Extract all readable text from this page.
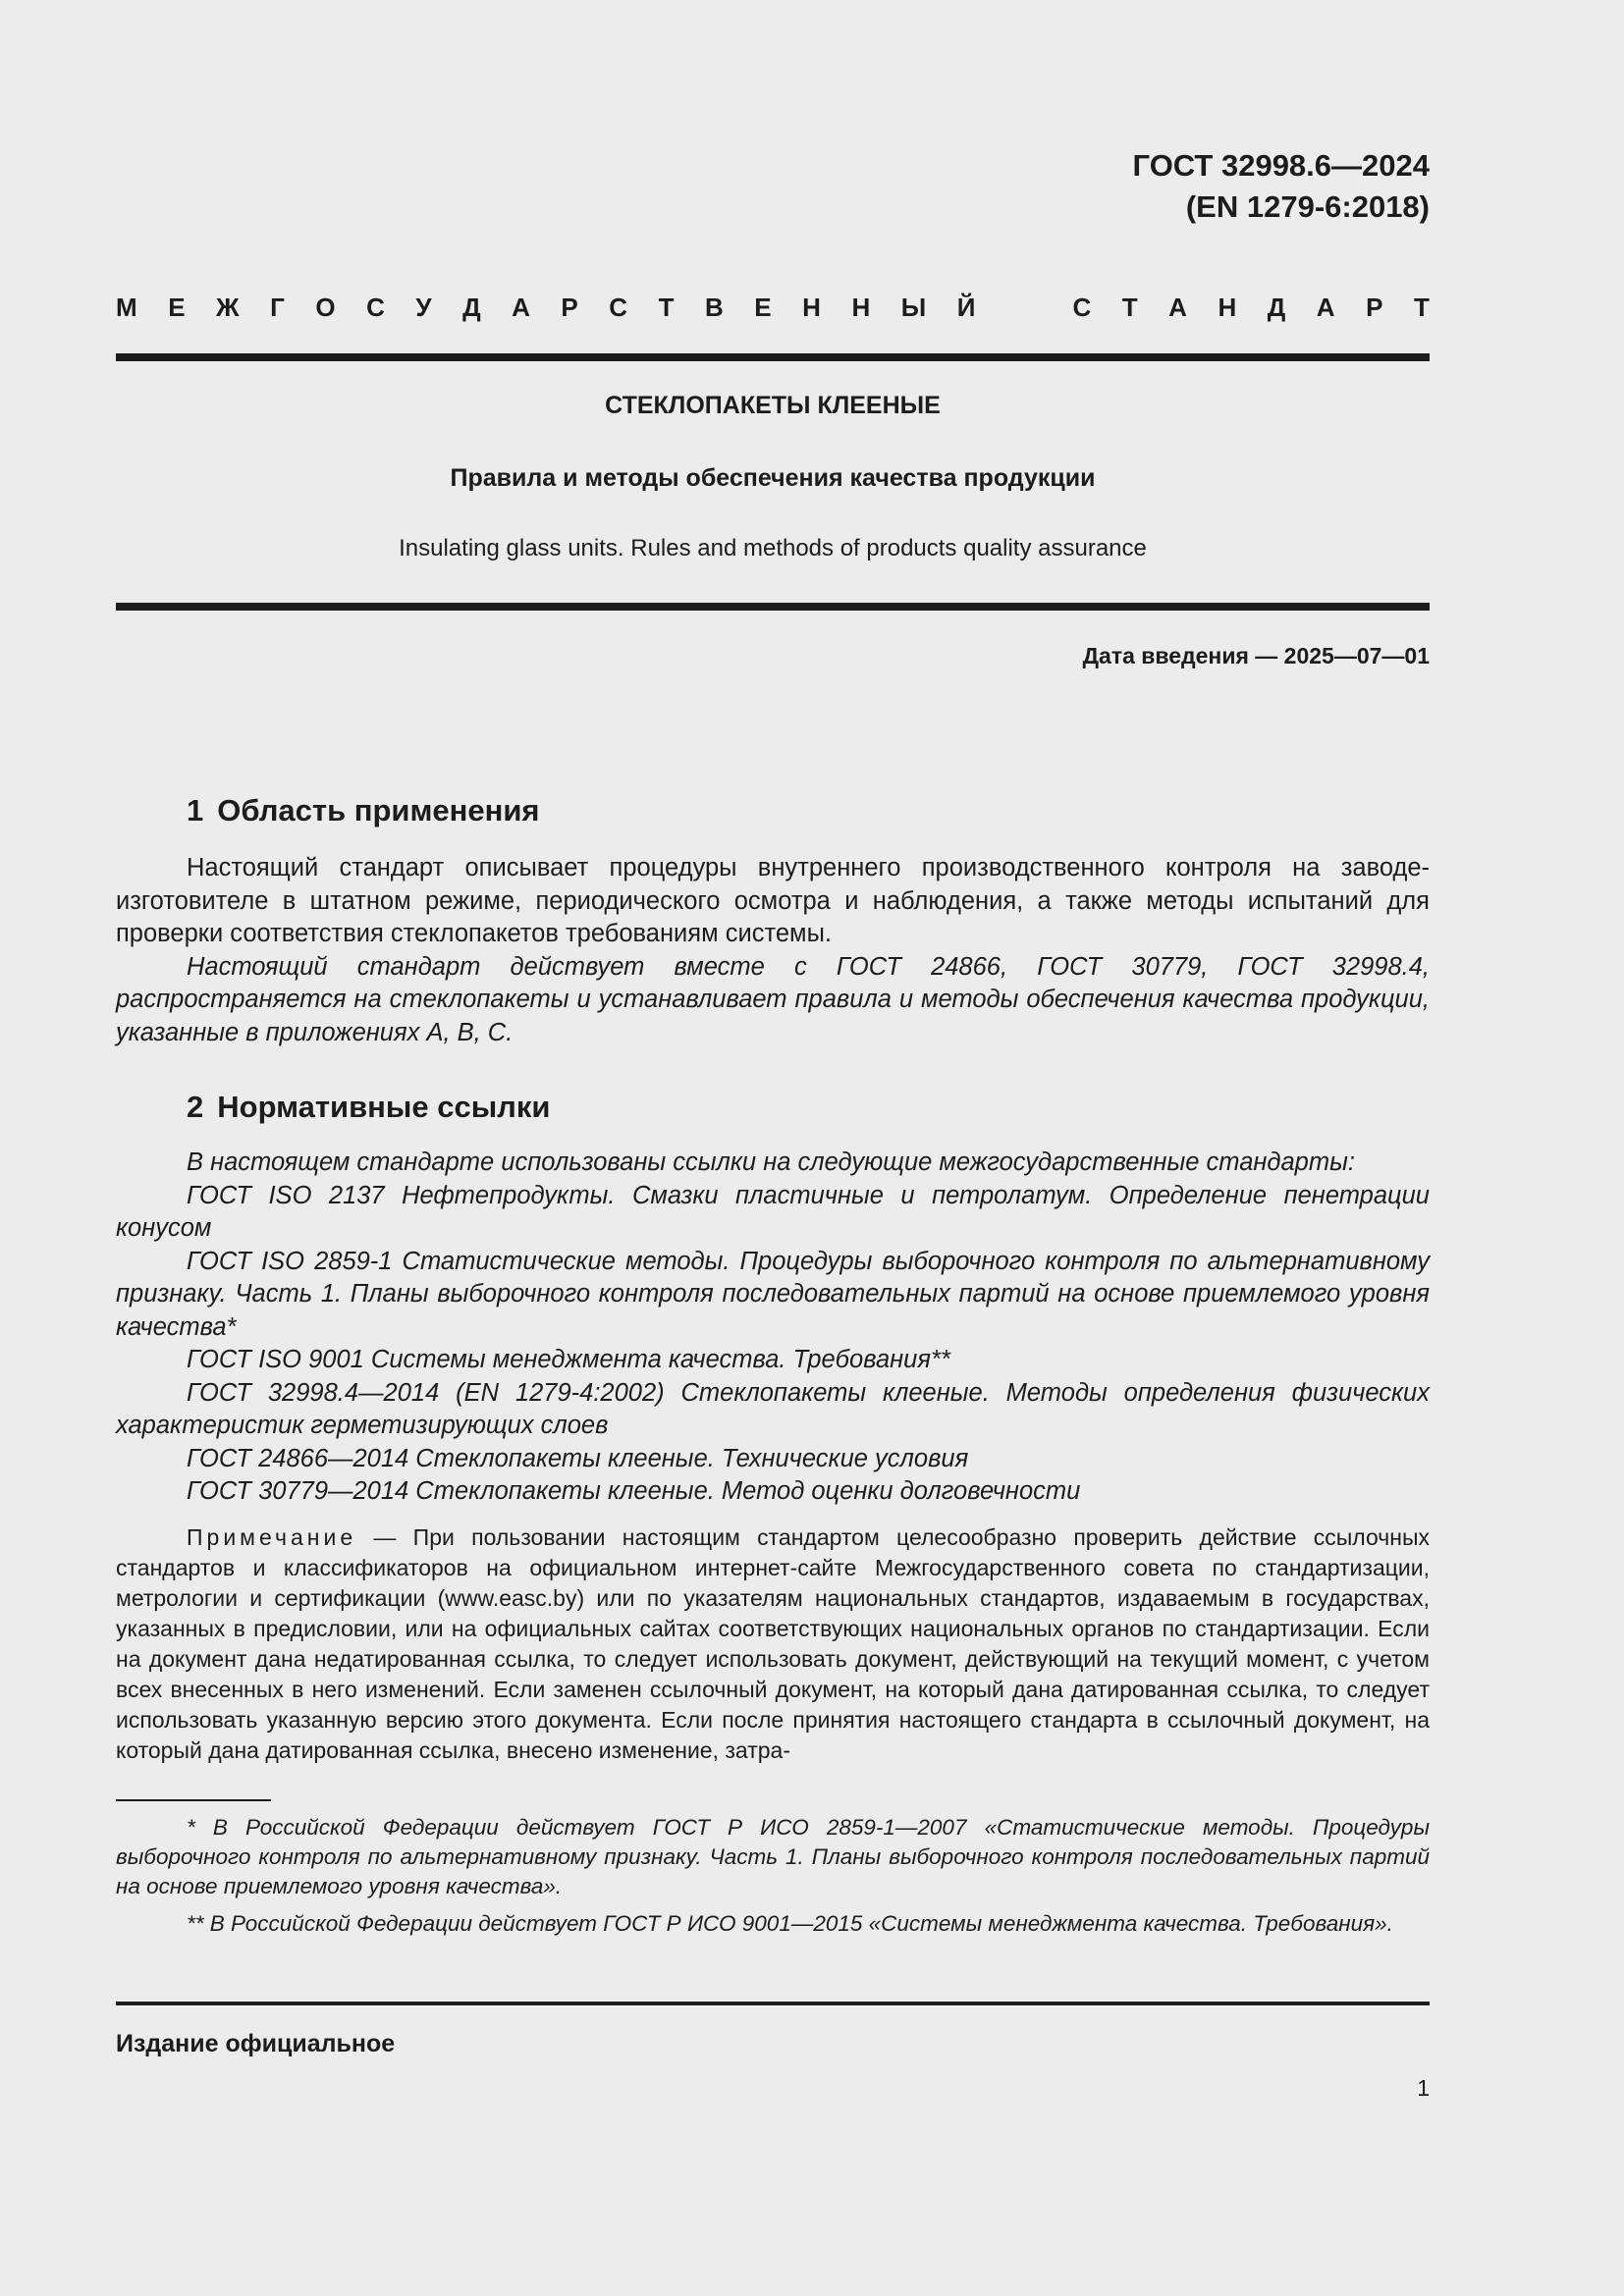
ГОСТ 32998.6—2024
(EN 1279-6:2018)
М Е Ж Г О С У Д А Р С Т В Е Н Н Ы Й	С Т А Н Д А Р Т
СТЕКЛОПАКЕТЫ КЛЕЕНЫЕ
Правила и методы обеспечения качества продукции
Insulating glass units. Rules and methods of products quality assurance
Дата введения — 2025—07—01
1 Область применения

Настоящий стандарт описывает процедуры внутреннего производственного контроля на заводе-изготовителе в штатном режиме, периодического осмотра и наблюдения, а также методы испытаний для проверки соответствия стеклопакетов требованиям системы.

Настоящий стандарт действует вместе с ГОСТ 24866, ГОСТ 30779, ГОСТ 32998.4, распространяется на стеклопакеты и устанавливает правила и методы обеспечения качества продукции, указанные в приложениях А, В, С.

2 Нормативные ссылки

В настоящем стандарте использованы ссылки на следующие межгосударственные стандарты:

ГОСТ ISO 2137 Нефтепродукты. Смазки пластичные и петролатум. Определение пенетрации конусом

ГОСТ ISO 2859-1 Статистические методы. Процедуры выборочного контроля по альтернативному признаку. Часть 1. Планы выборочного контроля последовательных партий на основе приемлемого уровня качества*

ГОСТ ISO 9001 Системы менеджмента качества. Требования**

ГОСТ 32998.4—2014 (EN 1279-4:2002) Стеклопакеты клееные. Методы определения физических характеристик герметизирующих слоев

ГОСТ 24866—2014 Стеклопакеты клееные. Технические условия

ГОСТ 30779—2014 Стеклопакеты клееные. Метод оценки долговечности

Примечание — При пользовании настоящим стандартом целесообразно проверить действие ссылочных стандартов и классификаторов на официальном интернет-сайте Межгосударственного совета по стандартизации, метрологии и сертификации (www.easc.by) или по указателям национальных стандартов, издаваемым в государствах, указанных в предисловии, или на официальных сайтах соответствующих национальных органов по стандартизации. Если на документ дана недатированная ссылка, то следует использовать документ, действующий на текущий момент, с учетом всех внесенных в него изменений. Если заменен ссылочный документ, на который дана датированная ссылка, то следует использовать указанную версию этого документа. Если после принятия настоящего стандарта в ссылочный документ, на который дана датированная ссылка, внесено изменение, затра-

* В Российской Федерации действует ГОСТ Р ИСО 2859-1—2007 «Статистические методы. Процедуры выборочного контроля по альтернативному признаку. Часть 1. Планы выборочного контроля последовательных партий на основе приемлемого уровня качества».

** В Российской Федерации действует ГОСТ Р ИСО 9001—2015 «Системы менеджмента качества. Требования».

Издание официальное
1
